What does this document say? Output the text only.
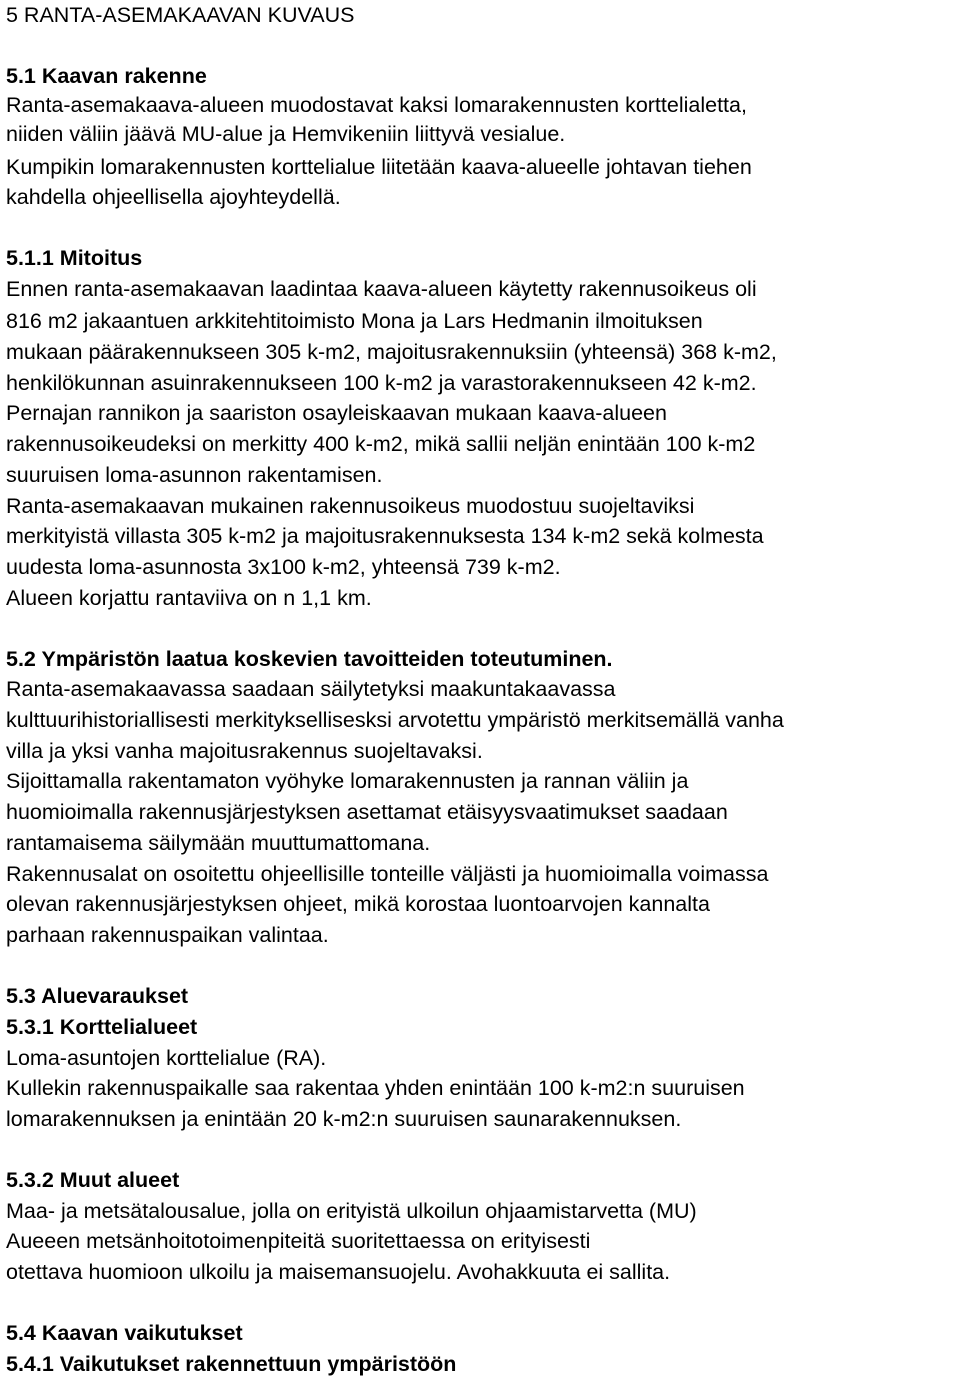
5 RANTA-ASEMAKAAVAN KUVAUS
5.1 Kaavan rakenne
Ranta-asemakaava-alueen muodostavat kaksi lomarakennusten korttelialetta,
niiden väliin jäävä MU-alue ja Hemvikeniin liittyvä vesialue.
Kumpikin lomarakennusten korttelialue liitetään kaava-alueelle johtavan tiehen
kahdella ohjeellisella ajoyhteydellä.
5.1.1 Mitoitus
Ennen ranta-asemakaavan laadintaa kaava-alueen käytetty rakennusoikeus oli
816 m2 jakaantuen arkkitehtitoimisto Mona ja Lars Hedmanin ilmoituksen
mukaan päärakennukseen 305 k-m2, majoitusrakennuksiin (yhteensä) 368 k-m2,
henkilökunnan asuinrakennukseen 100 k-m2 ja varastorakennukseen 42 k-m2.
Pernajan rannikon ja saariston osayleiskaavan mukaan kaava-alueen
rakennusoikeudeksi on merkitty 400 k-m2, mikä sallii neljän enintään 100 k-m2
suuruisen loma-asunnon rakentamisen.
Ranta-asemakaavan mukainen rakennusoikeus muodostuu suojeltaviksi
merkityistä villasta 305 k-m2 ja majoitusrakennuksesta 134 k-m2 sekä kolmesta
uudesta loma-asunnosta 3x100 k-m2, yhteensä 739 k-m2.
Alueen korjattu rantaviiva on n 1,1 km.
5.2 Ympäristön laatua koskevien tavoitteiden toteutuminen.
Ranta-asemakaavassa saadaan säilytetyksi maakuntakaavassa
kulttuurihistoriallisesti merkityksellisesksi arvotettu ympäristö merkitsemällä vanha
villa ja yksi vanha majoitusrakennus suojeltavaksi.
Sijoittamalla rakentamaton vyöhyke lomarakennusten ja rannan väliin ja
huomioimalla rakennusjärjestyksen asettamat etäisyysvaatimukset saadaan
rantamaisema säilymään muuttumattomana.
Rakennusalat on osoitettu ohjeellisille tonteille väljästi ja huomioimalla voimassa
olevan rakennusjärjestyksen ohjeet, mikä korostaa luontoarvojen kannalta
parhaan rakennuspaikan valintaa.
5.3 Aluevaraukset
5.3.1 Korttelialueet
Loma-asuntojen korttelialue (RA).
Kullekin rakennuspaikalle saa rakentaa yhden enintään 100 k-m2:n suuruisen
lomarakennuksen ja enintään 20 k-m2:n suuruisen saunarakennuksen.
5.3.2 Muut alueet
Maa- ja metsätalousalue, jolla on erityistä ulkoilun ohjaamistarvetta (MU)
Aueeen metsänhoitotoimenpiteitä suoritettaessa on erityisesti
otettava huomioon ulkoilu ja maisemansuojelu. Avohakkuuta ei sallita.
5.4 Kaavan vaikutukset
5.4.1 Vaikutukset rakennettuun ympäristöön
